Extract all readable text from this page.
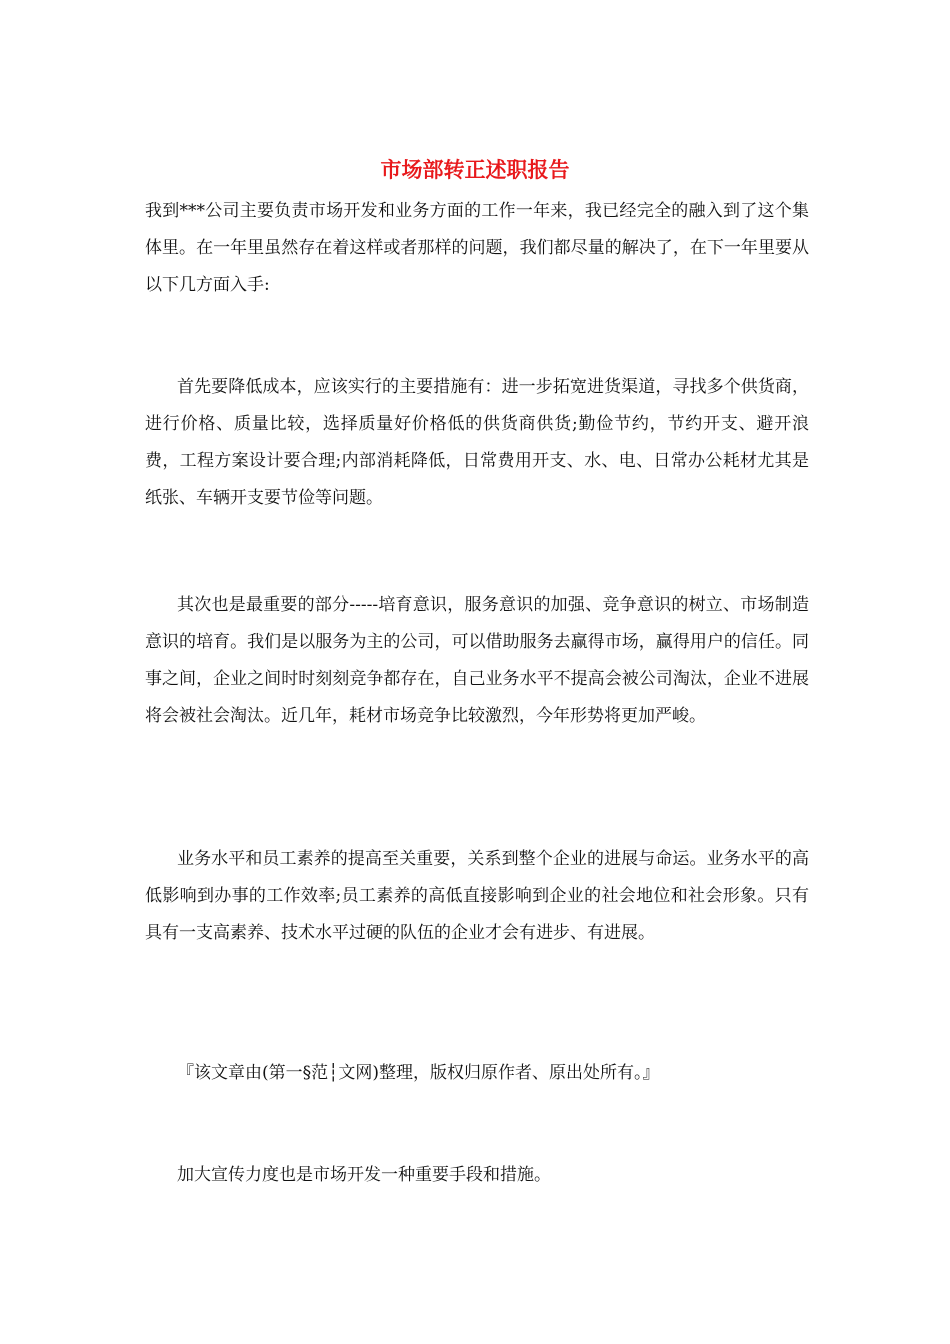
市场部转正述职报告

我到***公司主要负责市场开发和业务方面的工作一年来，我已经完全的融入到了这个集体里。在一年里虽然存在着这样或者那样的问题，我们都尽量的解决了，在下一年里要从以下几方面入手:

首先要降低成本，应该实行的主要措施有：进一步拓宽进货渠道，寻找多个供货商，进行价格、质量比较，选择质量好价格低的供货商供货;勤俭节约，节约开支、避开浪费，工程方案设计要合理;内部消耗降低，日常费用开支、水、电、日常办公耗材尤其是纸张、车辆开支要节俭等问题。

其次也是最重要的部分-----培育意识，服务意识的加强、竞争意识的树立、市场制造意识的培育。我们是以服务为主的公司，可以借助服务去赢得市场，赢得用户的信任。同事之间，企业之间时时刻刻竞争都存在，自己业务水平不提高会被公司淘汰，企业不进展将会被社会淘汰。近几年，耗材市场竞争比较激烈，今年形势将更加严峻。

业务水平和员工素养的提高至关重要，关系到整个企业的进展与命运。业务水平的高低影响到办事的工作效率;员工素养的高低直接影响到企业的社会地位和社会形象。只有具有一支高素养、技术水平过硬的队伍的企业才会有进步、有进展。

『该文章由(第一§范┆文网)整理，版权归原作者、原出处所有。』

加大宣传力度也是市场开发一种重要手段和措施。
